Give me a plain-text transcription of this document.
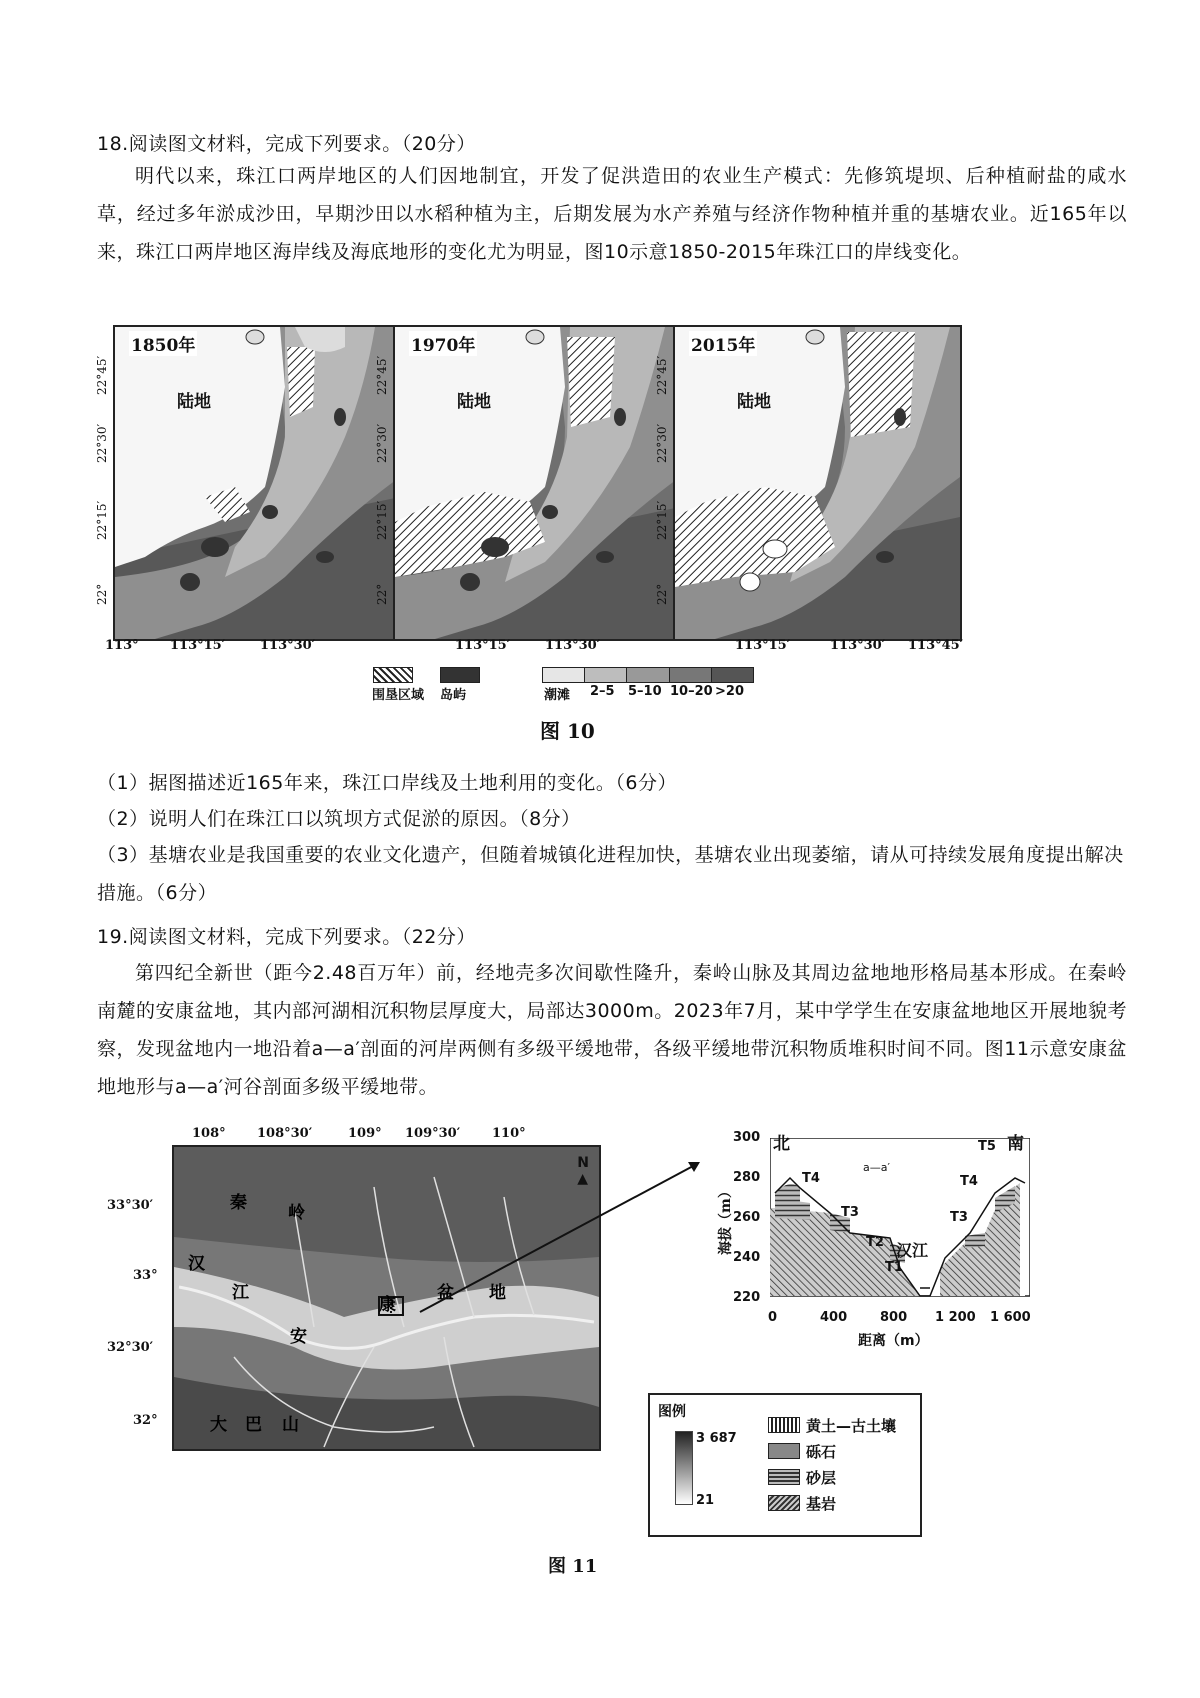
18.阅读图文材料，完成下列要求。（20分）
明代以来，珠江口两岸地区的人们因地制宜，开发了促洪造田的农业生产模式：先修筑堤坝、后种植耐盐的咸水草，经过多年淤成沙田，早期沙田以水稻种植为主，后期发展为水产养殖与经济作物种植并重的基塘农业。近165年以来，珠江口两岸地区海岸线及海底地形的变化尤为明显，图10示意1850-2015年珠江口的岸线变化。
1850年
陆地
1970年
陆地
2015年
陆地
22°45′
22°30′
22°15′
22°
22°45′
22°30′
22°15′
22°
22°45′
22°30′
22°15′
22°
113° 113°15′	113°30′	113°15′	113°30′	113°15′	113°30′ 113°45′
围垦区域 岛屿	潮滩 2–5 5–10 10–20 >20
图 10
（1）据图描述近165年来，珠江口岸线及土地利用的变化。（6分）
（2）说明人们在珠江口以筑坝方式促淤的原因。（8分）
（3）基塘农业是我国重要的农业文化遗产，但随着城镇化进程加快，基塘农业出现萎缩，请从可持续发展角度提出解决措施。（6分）
19.阅读图文材料，完成下列要求。（22分）
第四纪全新世（距今2.48百万年）前，经地壳多次间歇性隆升，秦岭山脉及其周边盆地地形格局基本形成。在秦岭南麓的安康盆地，其内部河湖相沉积物层厚度大，局部达3000m。2023年7月，某中学学生在安康盆地地区开展地貌考察，发现盆地内一地沿着a—a′剖面的河岸两侧有多级平缓地带，各级平缓地带沉积物质堆积时间不同。图11示意安康盆地地形与a—a′河谷剖面多级平缓地带。
N
▲
108° 108°30′	109° 109°30′ 110°
33°30′
33°
32°30′
32°
秦 岭
汉
江
安
康
盆 地
大 巴 山
北	南
a—a′
汉江
T4
T3
T2
T1
T5
T4
T3
300
280
260
240
220
海拔（m）
0	400	800 1 200 1 600
距离（m）
图例
3 687
21
黄土—古土壤
砾石
砂层
基岩
图 11
